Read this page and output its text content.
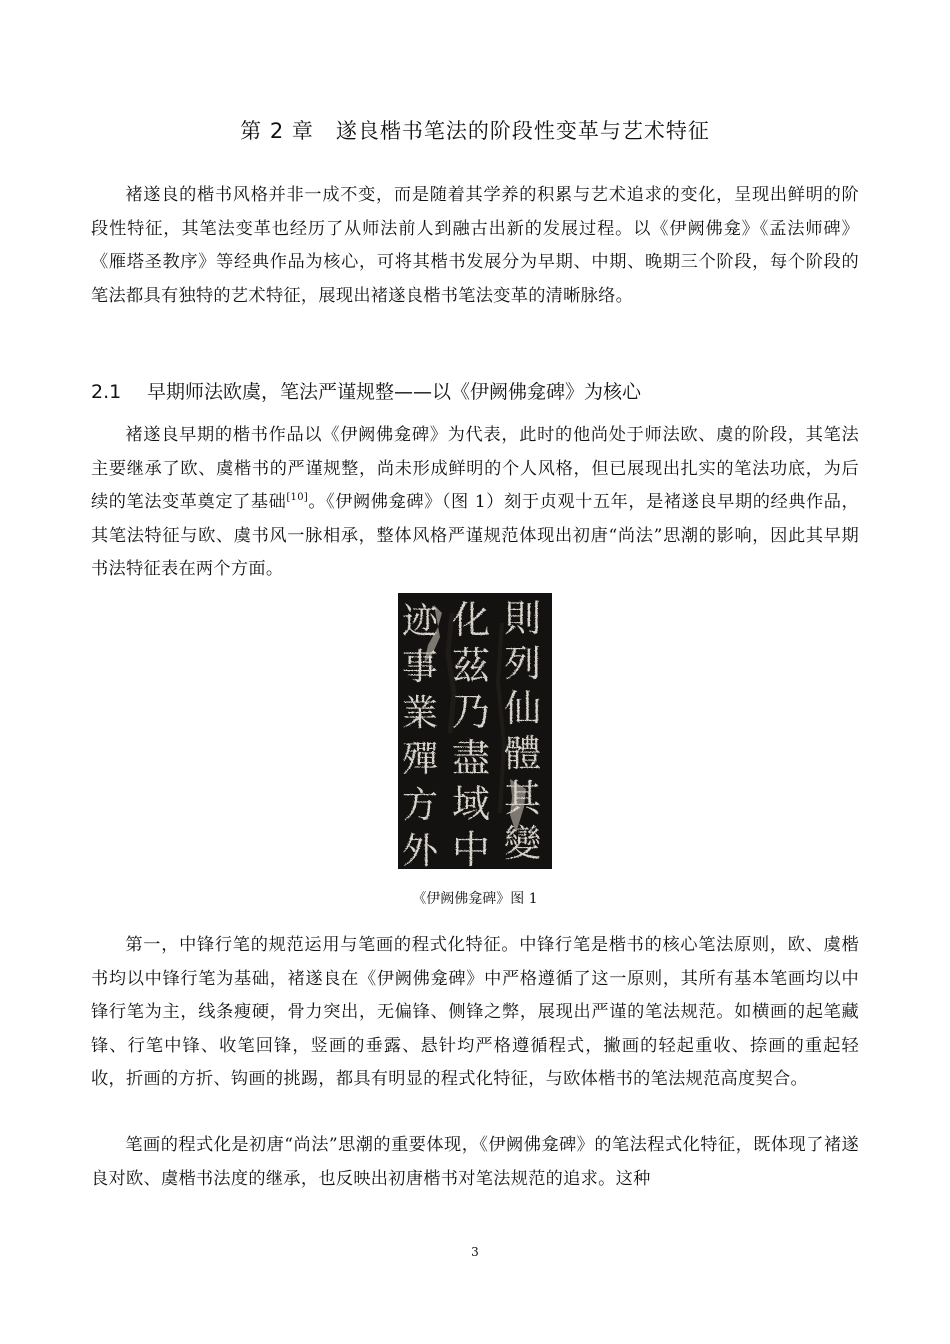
第 2 章　遂良楷书笔法的阶段性变革与艺术特征

褚遂良的楷书风格并非一成不变，而是随着其学养的积累与艺术追求的变化，呈现出鲜明的阶段性特征，其笔法变革也经历了从师法前人到融古出新的发展过程。以《伊阙佛龛》《孟法师碑》《雁塔圣教序》等经典作品为核心，可将其楷书发展分为早期、中期、晚期三个阶段，每个阶段的笔法都具有独特的艺术特征，展现出褚遂良楷书笔法变革的清晰脉络。

2.1 早期师法欧虞，笔法严谨规整——以《伊阙佛龛碑》为核心

褚遂良早期的楷书作品以《伊阙佛龛碑》为代表，此时的他尚处于师法欧、虞的阶段，其笔法主要继承了欧、虞楷书的严谨规整，尚未形成鲜明的个人风格，但已展现出扎实的笔法功底，为后续的笔法变革奠定了基础[10]。《伊阙佛龛碑》（图 1）刻于贞观十五年，是褚遂良早期的经典作品，其笔法特征与欧、虞书风一脉相承，整体风格严谨规范体现出初唐“尚法”思潮的影响，因此其早期书法特征表在两个方面。

迹
事
業
殫
方
外
化
茲
乃
盡
域
中
則
列
仙
體
其
變

《伊阙佛龛碑》图 1

第一，中锋行笔的规范运用与笔画的程式化特征。中锋行笔是楷书的核心笔法原则，欧、虞楷书均以中锋行笔为基础，褚遂良在《伊阙佛龛碑》中严格遵循了这一原则，其所有基本笔画均以中锋行笔为主，线条瘦硬，骨力突出，无偏锋、侧锋之弊，展现出严谨的笔法规范。如横画的起笔藏锋、行笔中锋、收笔回锋，竖画的垂露、悬针均严格遵循程式，撇画的轻起重收、捺画的重起轻收，折画的方折、钩画的挑踢，都具有明显的程式化特征，与欧体楷书的笔法规范高度契合。

笔画的程式化是初唐“尚法”思潮的重要体现，《伊阙佛龛碑》的笔法程式化特征，既体现了褚遂良对欧、虞楷书法度的继承，也反映出初唐楷书对笔法规范的追求。这种

3
